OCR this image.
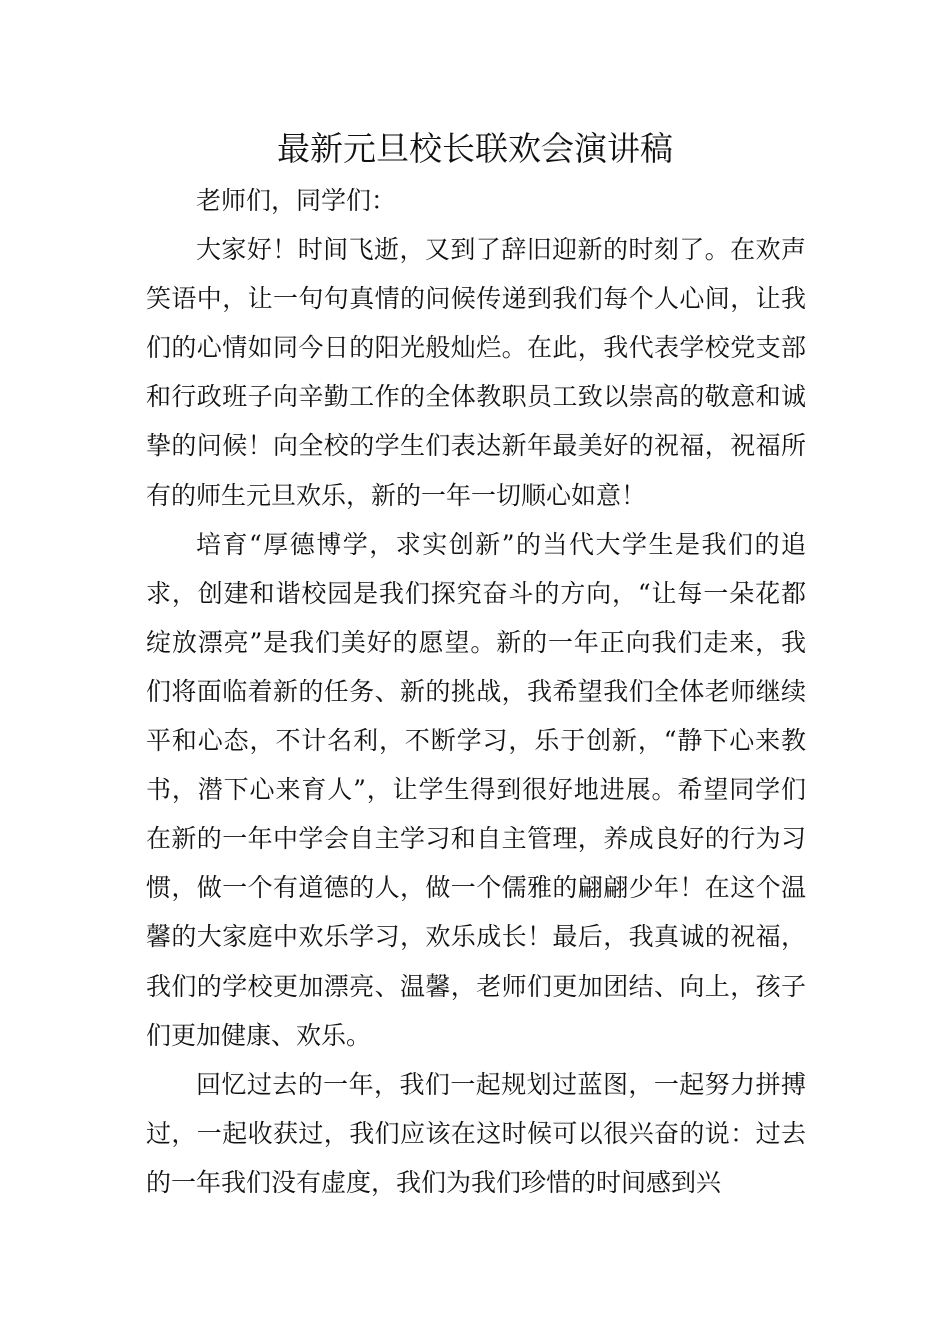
最新元旦校长联欢会演讲稿

老师们，同学们：

大家好！时间飞逝，又到了辞旧迎新的时刻了。在欢声笑语中，让一句句真情的问候传递到我们每个人心间，让我们的心情如同今日的阳光般灿烂。在此，我代表学校党支部和行政班子向辛勤工作的全体教职员工致以崇高的敬意和诚挚的问候！向全校的学生们表达新年最美好的祝福，祝福所有的师生元旦欢乐，新的一年一切顺心如意！

培育“厚德博学，求实创新”的当代大学生是我们的追求，创建和谐校园是我们探究奋斗的方向，“让每一朵花都绽放漂亮”是我们美好的愿望。新的一年正向我们走来，我们将面临着新的任务、新的挑战，我希望我们全体老师继续平和心态，不计名利，不断学习，乐于创新，“静下心来教书，潜下心来育人”，让学生得到很好地进展。希望同学们在新的一年中学会自主学习和自主管理，养成良好的行为习惯，做一个有道德的人，做一个儒雅的翩翩少年！在这个温馨的大家庭中欢乐学习，欢乐成长！最后，我真诚的祝福，我们的学校更加漂亮、温馨，老师们更加团结、向上，孩子们更加健康、欢乐。

回忆过去的一年，我们一起规划过蓝图，一起努力拼搏过，一起收获过，我们应该在这时候可以很兴奋的说：过去的一年我们没有虚度，我们为我们珍惜的时间感到兴
